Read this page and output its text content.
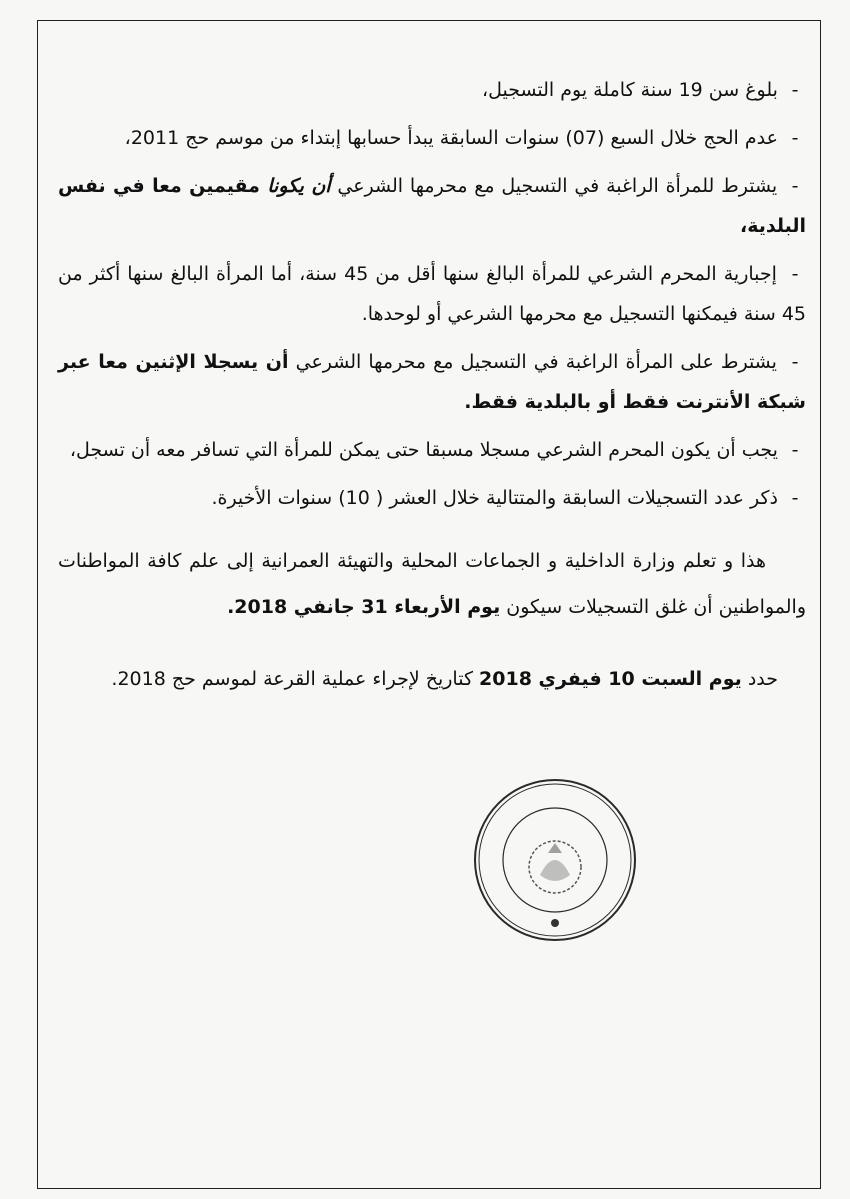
- بلوغ سن 19 سنة كاملة يوم التسجيل،
- عدم الحج خلال السبع (07) سنوات السابقة يبدأ حسابها إبتداء من موسم حج 2011،
- يشترط للمرأة الراغبة في التسجيل مع محرمها الشرعي أن يكونا مقيمين معا في نفس البلدية،
- إجبارية المحرم الشرعي للمرأة البالغ سنها أقل من 45 سنة، أما المرأة البالغ سنها أكثر من 45 سنة فيمكنها التسجيل مع محرمها الشرعي أو لوحدها.
- يشترط على المرأة الراغبة في التسجيل مع محرمها الشرعي أن يسجلا الإثنين معا عبر شبكة الأنترنت فقط أو بالبلدية فقط.
- يجب أن يكون المحرم الشرعي مسجلا مسبقا حتى يمكن للمرأة التي تسافر معه أن تسجل،
- ذكر عدد التسجيلات السابقة والمتتالية خلال العشر ( 10) سنوات الأخيرة.

هذا و تعلم وزارة الداخلية و الجماعات المحلية والتهيئة العمرانية إلى علم كافة المواطنات والمواطنين أن غلق التسجيلات سيكون يوم الأربعاء 31 جانفي 2018.

حدد يوم السبت 10 فيفري 2018 كتاريخ لإجراء عملية القرعة لموسم حج 2018.
